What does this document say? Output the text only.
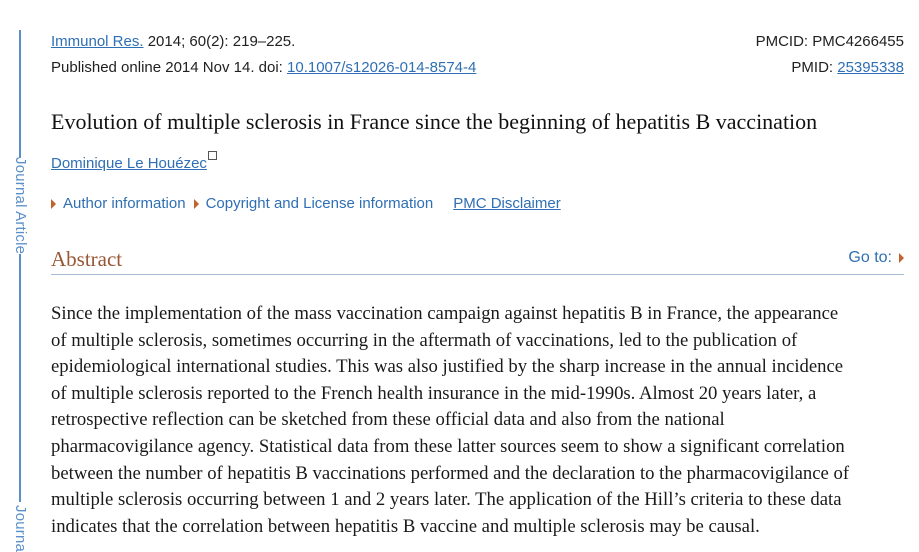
Journal Article
Journa
Immunol Res. 2014; 60(2): 219–225.	PMCID: PMC4266455
Published online 2014 Nov 14. doi: 10.1007/s12026-014-8574-4	PMID: 25395338
Evolution of multiple sclerosis in France since the beginning of hepatitis B vaccination
Dominique Le Houézec
Author information Copyright and License information PMC Disclaimer
Abstract	Go to:
Since the implementation of the mass vaccination campaign against hepatitis B in France, the appearance
of multiple sclerosis, sometimes occurring in the aftermath of vaccinations, led to the publication of
epidemiological international studies. This was also justified by the sharp increase in the annual incidence
of multiple sclerosis reported to the French health insurance in the mid-1990s. Almost 20 years later, a
retrospective reflection can be sketched from these official data and also from the national
pharmacovigilance agency. Statistical data from these latter sources seem to show a significant correlation
between the number of hepatitis B vaccinations performed and the declaration to the pharmacovigilance of
multiple sclerosis occurring between 1 and 2 years later. The application of the Hill’s criteria to these data
indicates that the correlation between hepatitis B vaccine and multiple sclerosis may be causal.
